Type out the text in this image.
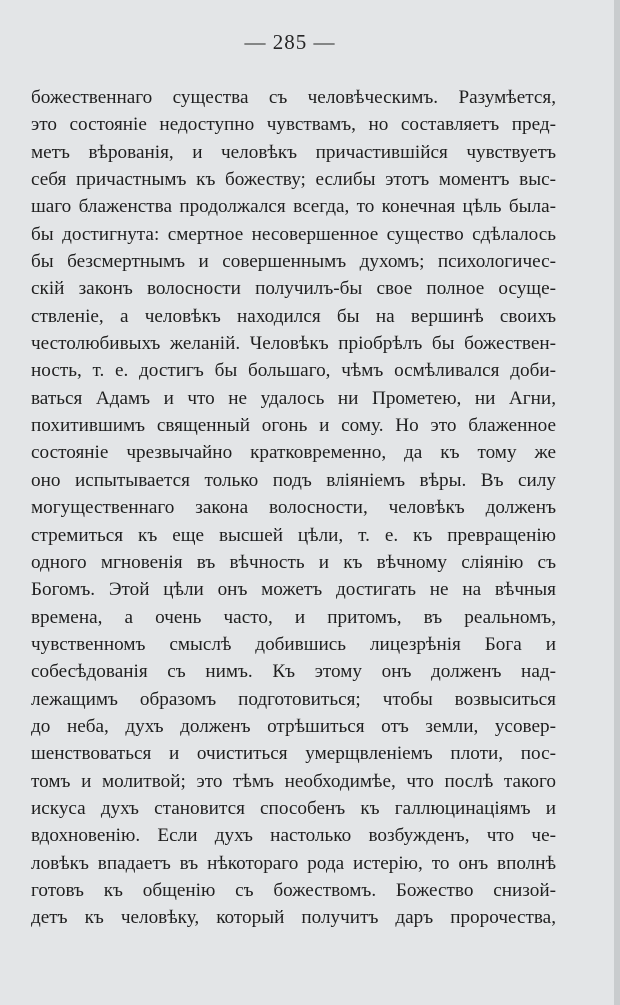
— 285 —
божественнаго существа съ человѣческимъ. Разумѣется,
это состояніе недоступно чувствамъ, но составляетъ пред-
метъ вѣрованія, и человѣкъ причастившійся чувствуетъ
себя причастнымъ къ божеству; еслибы этотъ моментъ выс-
шаго блаженства продолжался всегда, то конечная цѣль была-
бы достигнута: смертное несовершенное существо сдѣлалось
бы безсмертнымъ и совершеннымъ духомъ; психологичес-
скій законъ волосности получилъ-бы свое полное осуще-
ствленіе, а человѣкъ находился бы на вершинѣ своихъ
честолюбивыхъ желаній. Человѣкъ пріобрѣлъ бы божествен-
ность, т. е. достигъ бы большаго, чѣмъ осмѣливался доби-
ваться Адамъ и что не удалось ни Прометею, ни Агни,
похитившимъ священный огонь и сому. Но это блаженное
состояніе чрезвычайно кратковременно, да къ тому же
оно испытывается только подъ вліяніемъ вѣры. Въ силу
могущественнаго закона волосности, человѣкъ долженъ
стремиться къ еще высшей цѣли, т. е. къ превращенію
одного мгновенія въ вѣчность и къ вѣчному слiянію съ
Богомъ. Этой цѣли онъ можетъ достигать не на вѣчныя
времена, а очень часто, и притомъ, въ реальномъ,
чувственномъ смыслѣ добившись лицезрѣнія Бога и
собесѣдованія съ нимъ. Къ этому онъ долженъ над-
лежащимъ образомъ подготовиться; чтобы возвыситься
до неба, духъ долженъ отрѣшиться отъ земли, усовер-
шенствоваться и очиститься умерщвленіемъ плоти, пос-
томъ и молитвой; это тѣмъ необходимѣе, что послѣ такого
искуса духъ становится способенъ къ галлюцинаціямъ и
вдохновенію. Если духъ настолько возбужденъ, что че-
ловѣкъ впадаетъ въ нѣкотораго рода истерію, то онъ вполнѣ
готовъ къ общенію съ божествомъ. Божество снизой-
детъ къ человѣку, который получитъ даръ пророчества,
